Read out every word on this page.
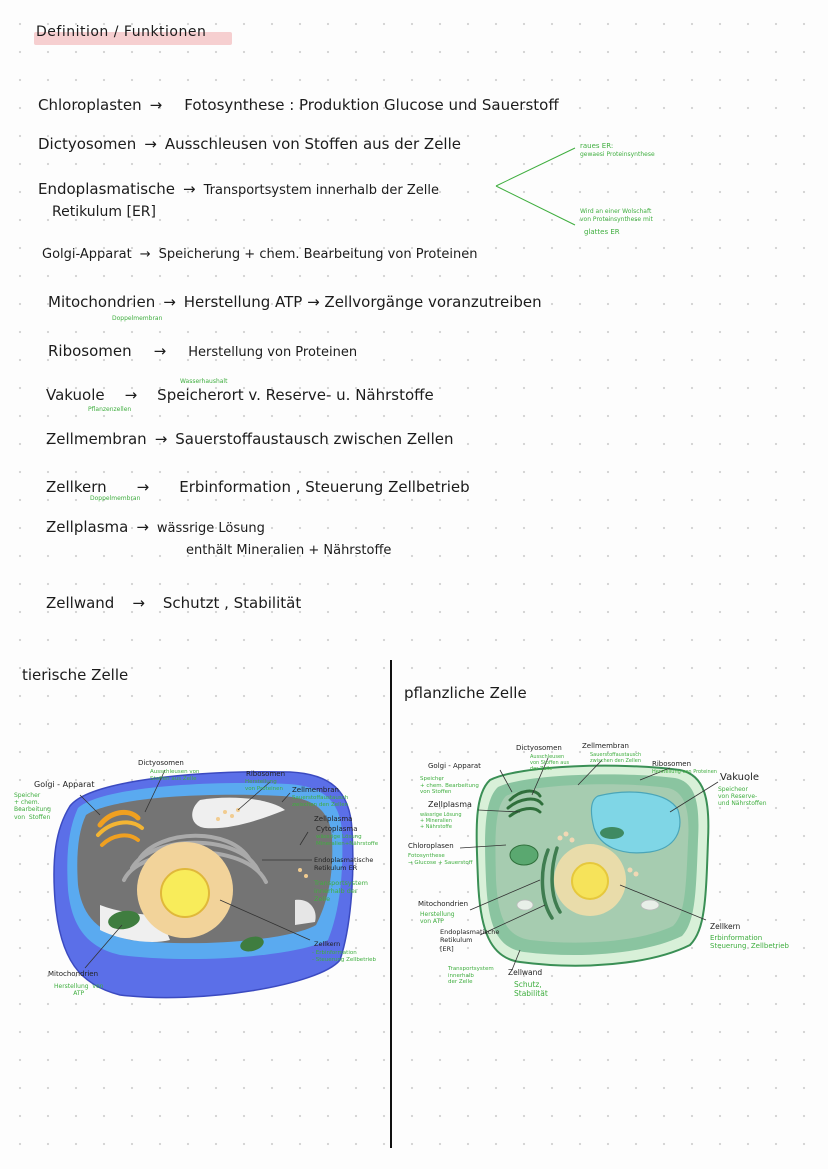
Definition / Funktionen
Chloroplasten → Fotosynthese : Produktion Glucose und Sauerstoff
Dictyosomen → Ausschleusen von Stoffen aus der Zelle
Endoplasmatische → Transportsystem innerhalb der Zelle
Retikulum [ER]
Golgi-Apparat → Speicherung + chem. Bearbeitung von Proteinen
Mitochondrien → Herstellung ATP → Zellvorgänge voranzutreiben
Ribosomen → Herstellung von Proteinen
Vakuole → Speicherort v. Reserve- u. Nährstoffe
Zellmembran → Sauerstoffaustausch zwischen Zellen
Zellkern → Erbinformation , Steuerung Zellbetrieb
Zellplasma → wässrige Lösung
enthält Mineralien + Nährstoffe
Zellwand → Schutzt , Stabilität
Doppelmembran
Pflanzenzellen
Wasserhaushalt
Doppelmembran
raues ER:
gewaesi Proteinsynthese
Wird an einer Wolschaft
von Proteinsynthese mit
glattes ER
tierische Zelle
Golgi - Apparat
Speicher
+ chem.
Bearbeitung
von  Stoffen
Dictyosomen
Ausschleusen von
Stoffen aus Zelle
Ribosomen
Herstellung
von Proteinen Zellmembran
Sauerstoffaustausch
zwischen den Zellen
Zellplasma
Cytoplasma
wässrige Lösung
Mineralien+Nährstoffe
Endoplasmatische
Retikulum ER
Transportsystem
innerhalb der
Zelle
Zellkern
- Erbinformation
- Steuerung Zellbetrieb
Mitochondrien
Herstellung  von
ATP
pflanzliche Zelle
Golgi - Apparat
Speicher
+ chem. Bearbeitung
von Stoffen
Dictyosomen
Ausschleusen
von Stoffen aus
der Zelle
Zellmembran
Sauerstoffaustausch
zwischen den Zellen Ribosomen
Herstellung von Proteinen Vakuole
Speicheor
von Reserve-
und Nährstoffen
Zellplasma
wässrige Lösung
+ Mineralien
+ Nährstoffe
Chloroplasen
Fotosynthese
→ Glucose + Sauerstoff
Mitochondrien
Herstellung
von ATP
Endoplasmatische
Retikulum
[ER]
Transportsystem
innerhalb
der Zelle
Zellwand
Schutz,
Stabilität
Zellkern
Erbinformation
Steuerung  Zellbetrieb
